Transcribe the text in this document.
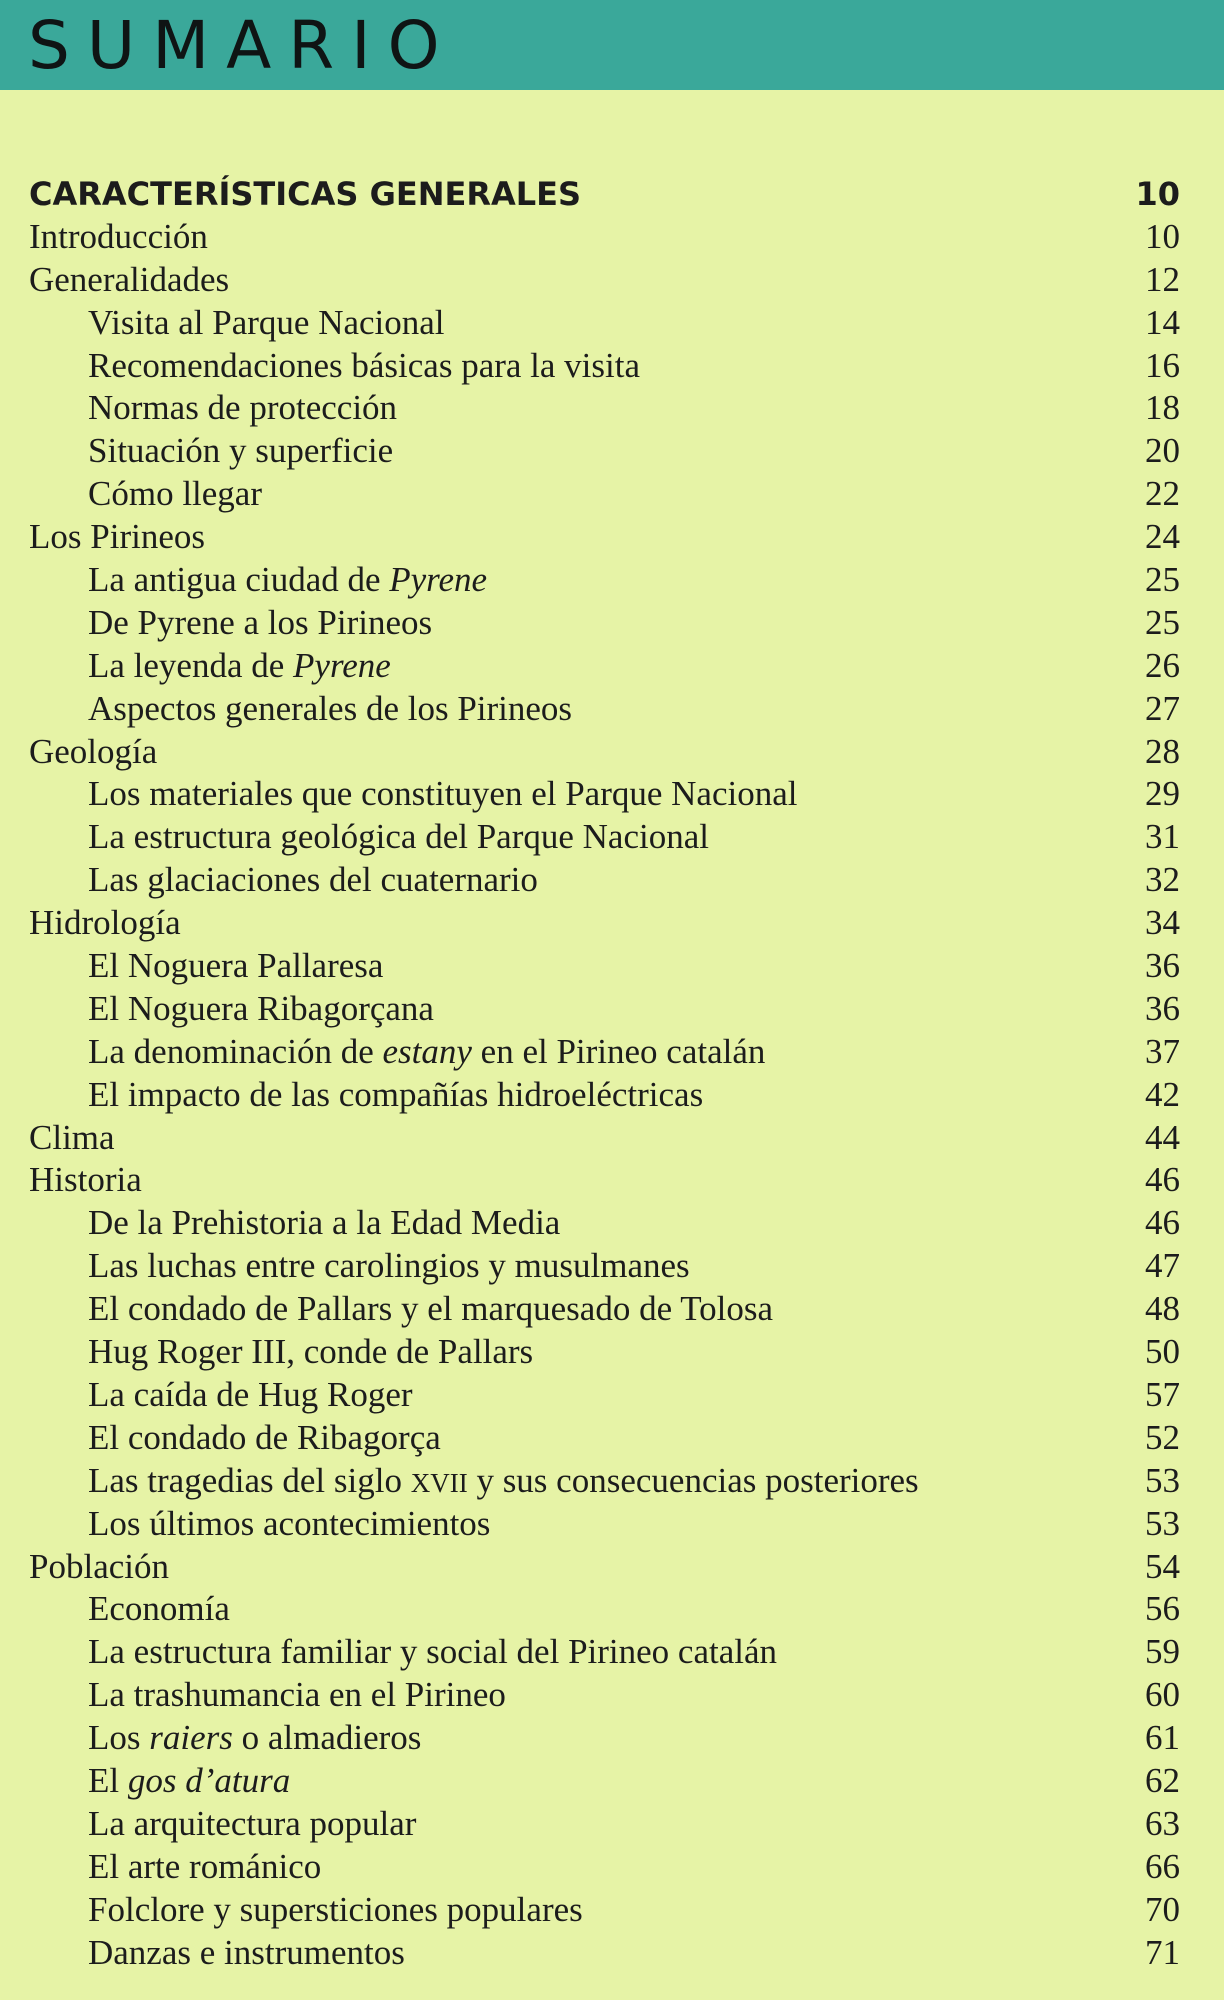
SUMARIO
CARACTERÍSTICAS GENERALES	10
Introducción	10
Generalidades	12
Visita al Parque Nacional	14
Recomendaciones básicas para la visita	16
Normas de protección	18
Situación y superficie	20
Cómo llegar	22
Los Pirineos	24
La antigua ciudad de Pyrene	25
De Pyrene a los Pirineos	25
La leyenda de Pyrene	26
Aspectos generales de los Pirineos	27
Geología	28
Los materiales que constituyen el Parque Nacional	29
La estructura geológica del Parque Nacional	31
Las glaciaciones del cuaternario	32
Hidrología	34
El Noguera Pallaresa	36
El Noguera Ribagorçana	36
La denominación de estany en el Pirineo catalán	37
El impacto de las compañías hidroeléctricas	42
Clima	44
Historia	46
De la Prehistoria a la Edad Media	46
Las luchas entre carolingios y musulmanes	47
El condado de Pallars y el marquesado de Tolosa	48
Hug Roger III, conde de Pallars	50
La caída de Hug Roger	57
El condado de Ribagorça	52
Las tragedias del siglo XVII y sus consecuencias posteriores	53
Los últimos acontecimientos	53
Población	54
Economía	56
La estructura familiar y social del Pirineo catalán	59
La trashumancia en el Pirineo	60
Los raiers o almadieros	61
El gos d’atura	62
La arquitectura popular	63
El arte románico	66
Folclore y supersticiones populares	70
Danzas e instrumentos	71
